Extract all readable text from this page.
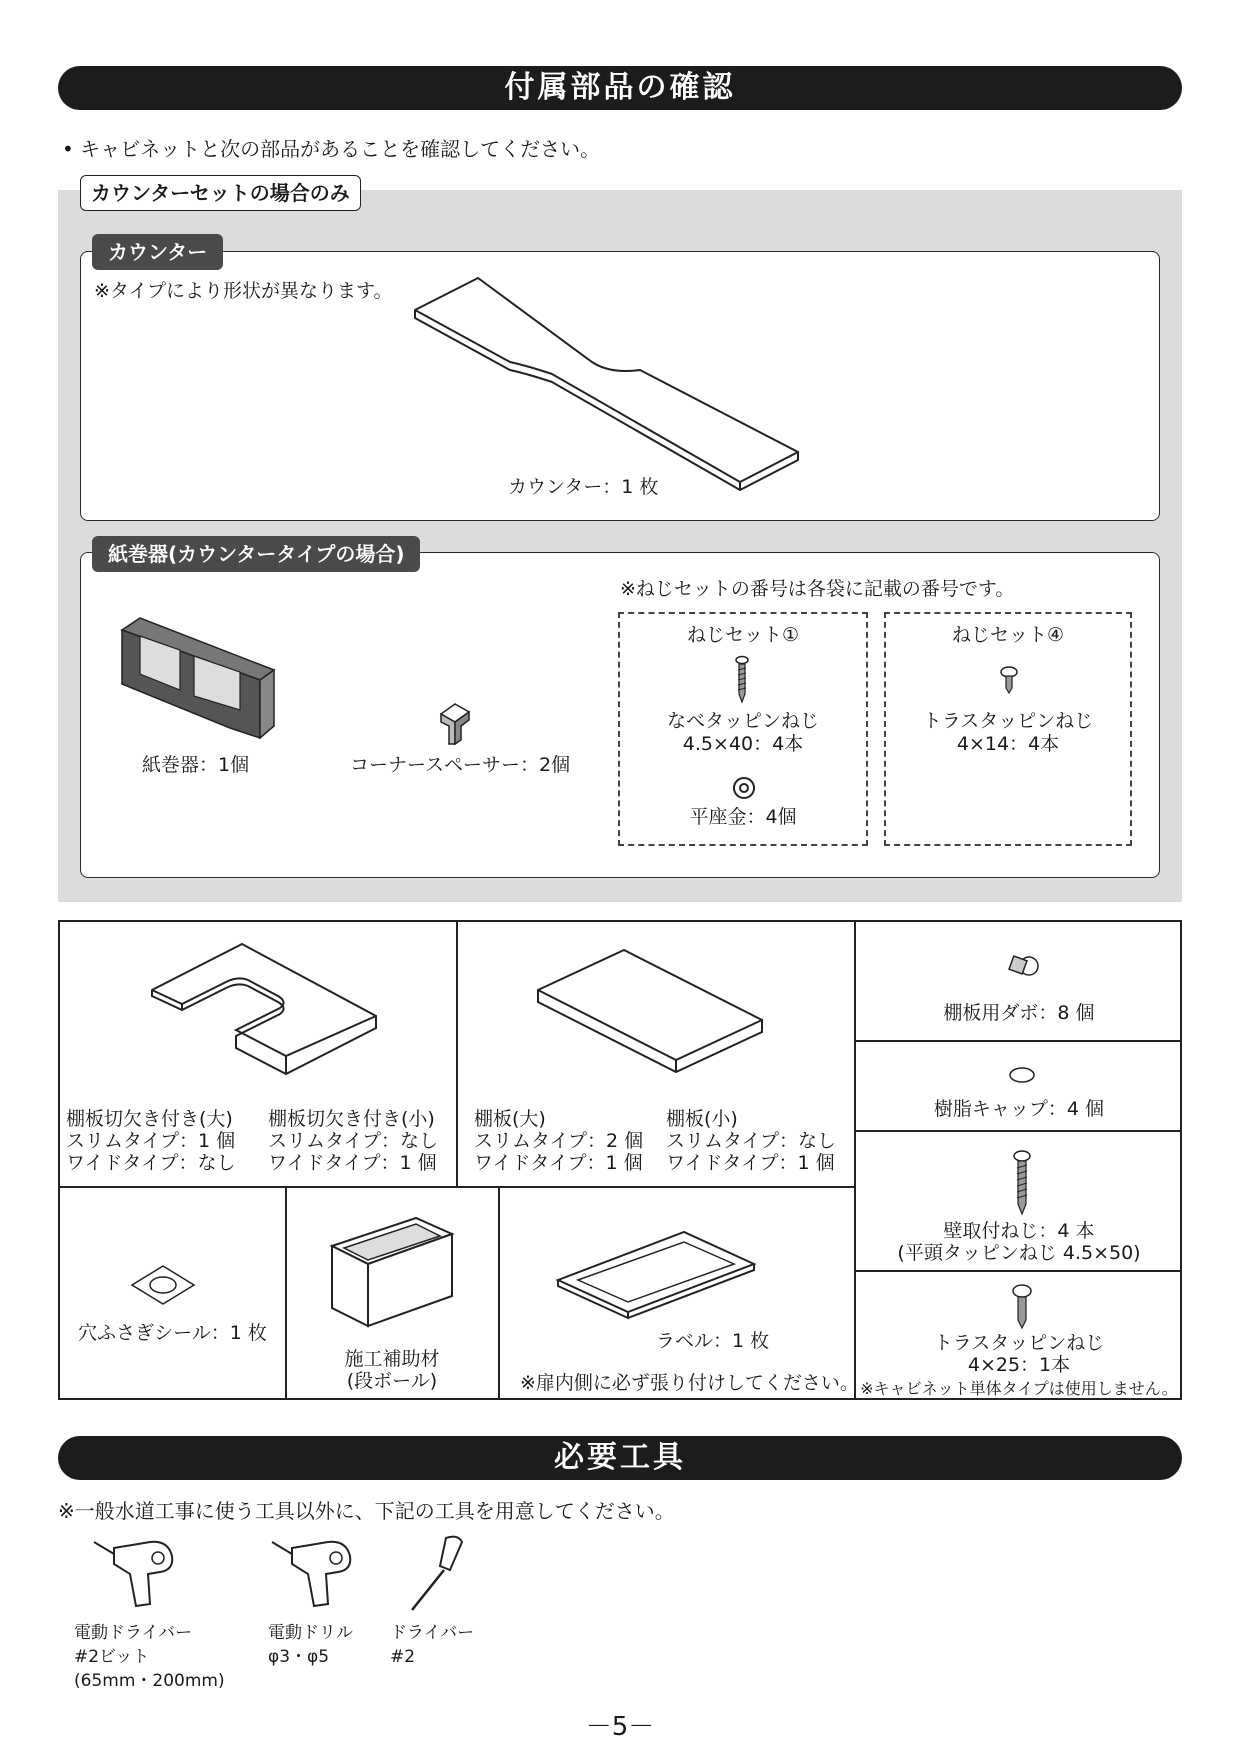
付属部品の確認
• キャビネットと次の部品があることを確認してください。
カウンターセットの場合のみ
カウンター
※タイプにより形状が異なります。
カウンター：1 枚
紙巻器(カウンタータイプの場合)
※ねじセットの番号は各袋に記載の番号です。
紙巻器：1個	コーナースペーサー：2個
ねじセット①
なべタッピンねじ
4.5×40：4本
平座金：4個
ねじセット④
トラスタッピンねじ
4×14：4本
棚板切欠き付き(大)
スリムタイプ：1 個
ワイドタイプ：なし
棚板切欠き付き(小)
スリムタイプ：なし
ワイドタイプ：1 個
棚板(大)
スリムタイプ：2 個
ワイドタイプ：1 個
棚板(小)
スリムタイプ：なし
ワイドタイプ：1 個
棚板用ダボ：8 個
樹脂キャップ：4 個
壁取付ねじ：4 本
(平頭タッピンねじ 4.5×50)
トラスタッピンねじ
4×25：1本
※キャビネット単体タイプは使用しません。
穴ふさぎシール：1 枚
施工補助材
(段ボール)
ラベル：1 枚
※扉内側に必ず張り付けしてください。
必要工具
※一般水道工事に使う工具以外に、下記の工具を用意してください。
電動ドライバー
#2ビット
(65mm・200mm)
電動ドリル
φ3・φ5
ドライバー
#2
－5－
